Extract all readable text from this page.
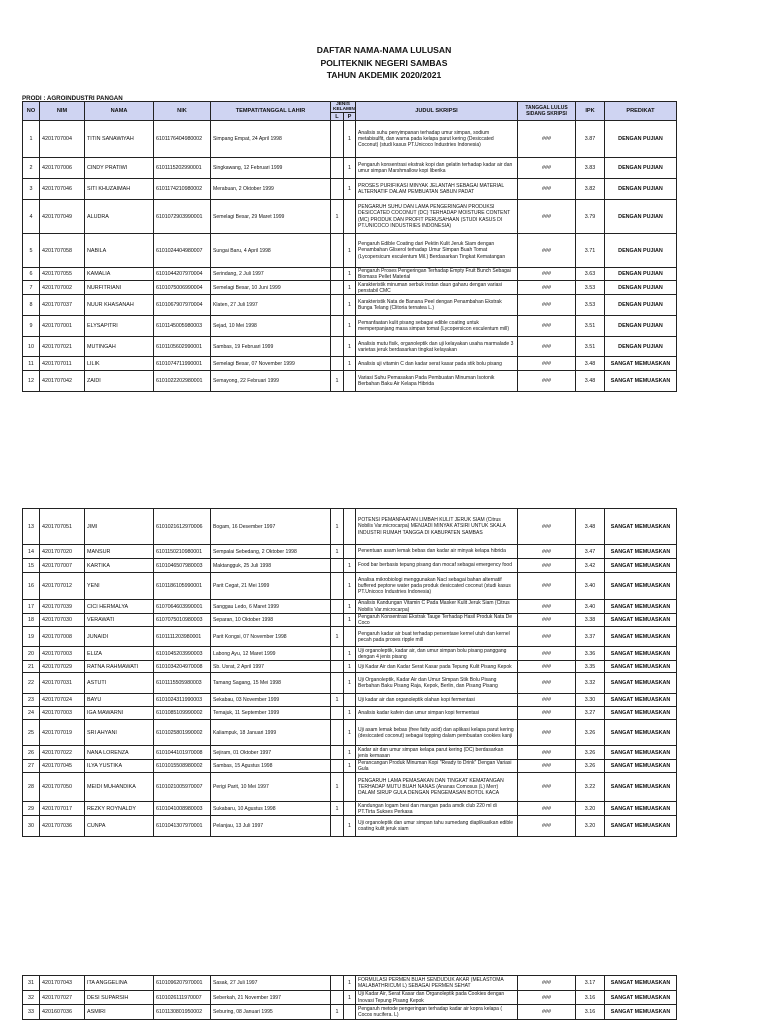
DAFTAR NAMA-NAMA LULUSAN
POLITEKNIK NEGERI SAMBAS
TAHUN AKDEMIK 2020/2021
PRODI : AGROINDUSTRI PANGAN
NO	NIM	NAMA	NIK	TEMPAT/TANGGAL LAHIR	JENIS KELAMIN		JUDUL SKRIPSI	TANGGAL LULUS SIDANG SKRIPSI	IPK	PREDIKAT
					L	P				
1	4201707004	TITIN SANAWIYAH	6101176404980002	Simpang Empat, 24 April 1998		1	Analisis suhu penyimpanan terhadap umur simpan, sodium metabisulfit, dan warna pada kelapa parut kering (Desiccated Coconut) (studi kasus PT.Unicoco Industries Indonesia)	###	3.87	DENGAN PUJIAN
2	4201707006	CINDY PRATIWI	6101115202990001	Singkawang, 12 Februari 1999		1	Pengaruh konsentrasi ekstrak kopi dan gelatin terhadap kadar air dan umur simpan Marshmallow kopi liberika	###	3.83	DENGAN PUJIAN
3	4201707046	SITI KHUZAIMAH	6101174210980002	Merabuan, 2 Oktober 1999		1	PROSES PURIFIKASI MINYAK JELANTAH SEBAGAI MATERIAL ALTERNATIF DALAM PEMBUATAN SABUN PADAT	###	3.82	DENGAN PUJIAN
4	4201707049	ALUDRA	6101072903990001	Semelagi Besar, 29 Maret 1999	1		PENGARUH SUHU DAN LAMA PENGERINGAN PRODUKSI DESICCATED COCONUT (DC) TERHADAP MOISTURE CONTENT (MC) PRODUK DAN PROFIT PERUSAHAAN (STUDI KASUS DI PT.UNICOCO INDUSTRIES INDONESIA)	###	3.79	DENGAN PUJIAN
5	4201707058	NABILA	6101024404980007	Sungai Baru, 4 April 1998		1	Pengaruh Edible Coating dari Pektin Kulit Jeruk Siam dengan Penambahan Gliserol terhadap Umur Simpan Buah Tomat (Lycopersicum esculentum Mil.) Berdasarkan Tingkat Kematangan	###	3.71	DENGAN PUJIAN
6	4201707055	KAMALIA	6101044207970004	Serindang, 2 Juli 1997		1	Pengaruh Proses Pengeringan Terhadap Empty Fruit Bunch Sebagai Biomass Pellet Material	###	3.63	DENGAN PUJIAN
7	4201707002	NURFITRIANI	6101075006990004	Semelagi Besar, 10 Juni 1999		1	Karakteristik minuman serbuk instan daun gaharu dengan variasi penstabil CMC	###	3.53	DENGAN PUJIAN
8	4201707037	NUUR KHASANAH	6101067907970004	Klaten, 27 Juli 1997		1	Karakteristik Nata de Banana Peel dengan Penambahan Ekstrak Bunga Telang (Clitoria ternatea L.)	###	3.53	DENGAN PUJIAN
9	4201707001	ELYSAPITRI	6101145005980003	Sejad, 10 Mei 1998		1	Pemanfaatan kulit pisang sebagai edible coating untuk memperpanjang masa simpan tomat (Lycopersicon esculentum mill)	###	3.51	DENGAN PUJIAN
10	4201707021	MUTINGAH	6101105602990001	Sambas, 19 Februari 1999		1	Analisis mutu fisik, organoleptik dan uji kelayakan usaha marmalade 3 varietas jeruk berdasarkan tingkat kelayakan	###	3.51	DENGAN PUJIAN
11	4201707011	LILIK	6101074711990001	Semelagi Besar, 07 November 1999		1	Analisis uji vitamin C dan kadar serat kasar pada stik bolu pisang	###	3.48	SANGAT MEMUASKAN
12	4201707042	ZAIDI	6101022202980001	Semayong, 22 Februari 1999	1		Variasi Suhu Pemasakan Pada Pembuatan Minuman Isotonik Berbahan Baku Air Kelapa Hibrida	###	3.48	SANGAT MEMUASKAN
13	4201707051	JIMI	6101021612970006	Bogam, 16 Desember 1997	1		POTENSI PEMANFAATAN LIMBAH KULIT JERUK SIAM (Citrus Nobilis Var.microcarpa) MENJADI MINYAK ATSIRI UNTUK SKALA INDUSTRI RUMAH TANGGA DI KABUPATEN SAMBAS	###	3.48	SANGAT MEMUASKAN
14	4201707020	MANSUR	6101150210980001	Sempalai Sebedang, 2 Oktober 1998	1		Penentuan asam lemak bebas dan kadar air minyak kelapa hibrida	###	3.47	SANGAT MEMUASKAN
15	4201707007	KARTIKA	6101046507980003	Maktangguk, 25 Juli 1998		1	Food bar berbasis tepung pisang dan mocaf sebagai emergency food	###	3.42	SANGAT MEMUASKAN
16	4201707012	YENI	6101186105990001	Parit Cegat, 21 Mei 1999		1	Analisa mikrobiologi menggunakan Nacl sebagai bahan alternatif buffered peptone water pada produk desiccated coconut (studi kasus PT.Unicoco Industries Indonesia)	###	3.40	SANGAT MEMUASKAN
17	4201707039	CICI HERMALYA	6107064603990001	Sanggau Ledo, 6 Maret 1999		1	Analisis Kandungan Vitamin C Pada Masker Kulit Jeruk Siam (Citrus Nobilis Var.microcarpa)	###	3.40	SANGAT MEMUASKAN
18	4201707030	VERAWATI	6107075010980003	Separan, 10 Oktober 1998		1	Pengaruh Konsentrasi Ekstrak Tauge Terhadap Hasil Produk Nata De Coco	###	3.38	SANGAT MEMUASKAN
19	4201707008	JUNAIDI	6101111203980001	Parit Kongsi, 07 November 1998	1		Pengaruh kadar air buat terhadap persentase kernel utuh dan kernel pecah pada proses ripple mill	###	3.37	SANGAT MEMUASKAN
20	4201707003	ELIZA	6101045203990003	Labong Ayu, 12 Maret 1999		1	Uji organoleptik, kadar air, dan umur simpan bolu pisang panggang dengan 4 jenis pisang	###	3.36	SANGAT MEMUASKAN
21	4201707029	RATNA RAHMAWATI	6101034204970008	Sb. Usrat, 2 April 1997		1	Uji Kadar Air dan Kadar Serat Kasar pada Tepung Kulit Pisang Kepok	###	3.35	SANGAT MEMUASKAN
22	4201707031	ASTUTI	6101115505980003	Tamang Sagang, 15 Mei 1998		1	Uji Organoleptik, Kadar Air dan Umur Simpan Stik Bolu Pisang Berbahan Baku Pisang Raja, Kepok, Berlin, dan Pisang Pisang	###	3.32	SANGAT MEMUASKAN
23	4201707024	BAYU	6101024311990003	Sekabau, 03 November 1999	1		Uji kadar air dan organoleptik olahan kopi fermentasi	###	3.30	SANGAT MEMUASKAN
24	4201707003	IGA MAWARNI	6101085109990002	Temajuk, 11 September 1999		1	Analisis kadar kafein dan umur simpan kopi fermentasi	###	3.27	SANGAT MEMUASKAN
25	4201707019	SRI AHYANI	6101025801990002	Kaliampuk, 18 Januari 1999		1	Uji asam lemak bebas (free fatty acid) dan aplikasi kelapa parut kering (desiccated coconut) sebagai topping dalam pembuatan cookies kanji	###	3.26	SANGAT MEMUASKAN
26	4201707022	NANA LORENZA	6101044101970008	Sejiram, 01 Oktober 1997		1	Kadar air dan umur simpan kelapa parut kering (DC) berdasarkan jenis kemasan	###	3.26	SANGAT MEMUASKAN
27	4201707045	ILYA YUSTIKA	6101015508980002	Sambas, 15 Agustus 1998		1	Perancangan Produk Minuman Kopi "Ready to Drink" Dengan Variasi Gula	###	3.26	SANGAT MEMUASKAN
28	4201707050	MEIDI MUHANDIKA	6101021005970007	Perigi Parit, 10 Mei 1997	1		PENGARUH LAMA PEMASAKAN DAN TINGKAT KEMATANGAN TERHADAP MUTU BUAH NANAS (Ananas Comosus (L) Merr) DALAM SIRUP GULA DENGAN PENGEMASAN BOTOL KACA	###	3.22	SANGAT MEMUASKAN
29	4201707017	REZKY ROYNALDY	6101041008980003	Sukabaru, 10 Agustus 1998	1		Kandungan logam besi dan mangan pada amdk club 220 ml di PT.Tirta Sukses Perkasa	###	3.20	SANGAT MEMUASKAN
30	4201707036	CUNPA	6101041307970001	Pelanjau, 13 Juli 1997		1	Uji organoleptik dan umur simpan tahu sumedang diaplikasikan edible coating kulit jeruk siam	###	3.20	SANGAT MEMUASKAN
31	4201707043	ITA ANGGELINA	6101096207970001	Sasak, 27 Juli 1997		1	FORMULASI PERMEN BUAH SENDUDUK AKAR (MELASTOMA MALABATHRICUM L) SEBAGAI PERMEN SEHAT	###	3.17	SANGAT MEMUASKAN
32	4201707027	DESI SUPARSIH	6101026111970007	Seberkah, 21 November 1997		1	Uji Kadar Air, Serat Kasar dan Organoleptik pada Cookies dengan Inovasi Tepung Pisang Kepok	###	3.16	SANGAT MEMUASKAN
33	4201607036	ASMIRI	6101130801950002	Seburing, 08 Januari 1995	1		Pengaruh metode pengeringan terhadap kadar air kopra kelapa ( Cocos nucifera. L)	###	3.16	SANGAT MEMUASKAN
